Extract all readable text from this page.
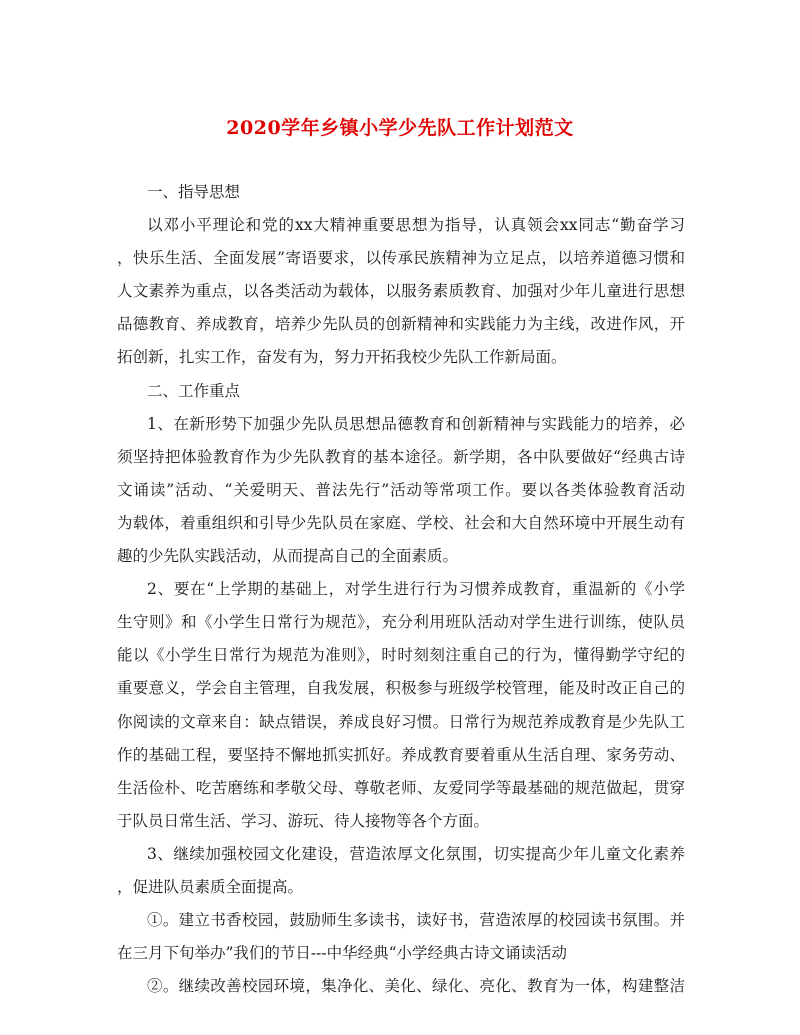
2020学年乡镇小学少先队工作计划范文
一、指导思想
以邓小平理论和党的xx大精神重要思想为指导，认真领会xx同志“勤奋学习
，快乐生活、全面发展”寄语要求，以传承民族精神为立足点，以培养道德习惯和
人文素养为重点，以各类活动为载体，以服务素质教育、加强对少年儿童进行思想
品德教育、养成教育，培养少先队员的创新精神和实践能力为主线，改进作风，开
拓创新，扎实工作，奋发有为，努力开拓我校少先队工作新局面。
二、工作重点
1、在新形势下加强少先队员思想品德教育和创新精神与实践能力的培养，必
须坚持把体验教育作为少先队教育的基本途径。新学期，各中队要做好“经典古诗
文诵读”活动、“关爱明天、普法先行”活动等常项工作。要以各类体验教育活动
为载体，着重组织和引导少先队员在家庭、学校、社会和大自然环境中开展生动有
趣的少先队实践活动，从而提高自己的全面素质。
2、要在“上学期的基础上，对学生进行行为习惯养成教育，重温新的《小学
生守则》和《小学生日常行为规范》，充分利用班队活动对学生进行训练，使队员
能以《小学生日常行为规范为准则》，时时刻刻注重自己的行为，懂得勤学守纪的
重要意义，学会自主管理，自我发展，积极参与班级学校管理，能及时改正自己的
你阅读的文章来自：缺点错误，养成良好习惯。日常行为规范养成教育是少先队工
作的基础工程，要坚持不懈地抓实抓好。养成教育要着重从生活自理、家务劳动、
生活俭朴、吃苦磨练和孝敬父母、尊敬老师、友爱同学等最基础的规范做起，贯穿
于队员日常生活、学习、游玩、待人接物等各个方面。
3、继续加强校园文化建设，营造浓厚文化氛围，切实提高少年儿童文化素养
，促进队员素质全面提高。
①。建立书香校园，鼓励师生多读书，读好书，营造浓厚的校园读书氛围。并
在三月下旬举办”我们的节日---中华经典“小学经典古诗文诵读活动
②。继续改善校园环境，集净化、美化、绿化、亮化、教育为一体，构建整洁
